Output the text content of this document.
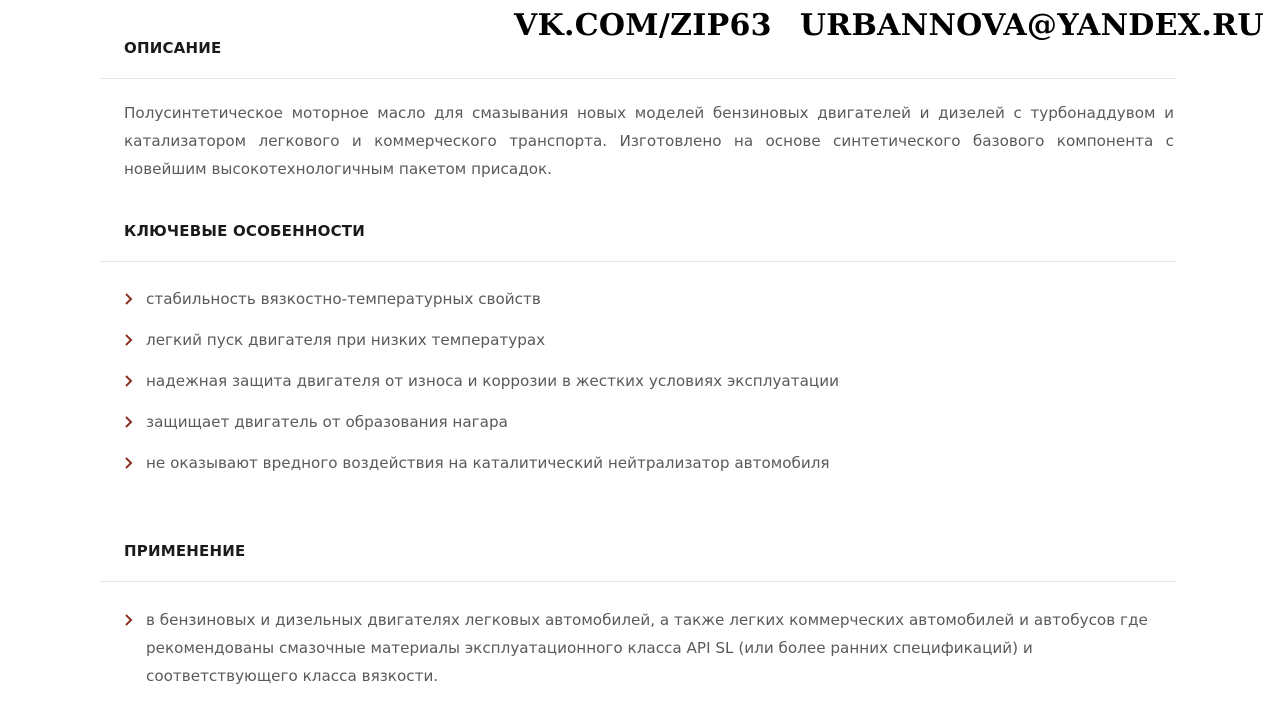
VK.COM/ZIP63 URBANNOVA@YANDEX.RU
ОПИСАНИЕ
Полусинтетическое моторное масло для смазывания новых моделей бензиновых двигателей и дизелей с турбонаддувом и катализатором легкового и коммерческого транспорта. Изготовлено на основе синтетического базового компонента с новейшим высокотехнологичным пакетом присадок.
КЛЮЧЕВЫЕ ОСОБЕННОСТИ
стабильность вязкостно-температурных свойств
легкий пуск двигателя при низких температурах
надежная защита двигателя от износа и коррозии в жестких условиях эксплуатации
защищает двигатель от образования нагара
не оказывают вредного воздействия на каталитический нейтрализатор автомобиля
ПРИМЕНЕНИЕ
в бензиновых и дизельных двигателях легковых автомобилей, а также легких коммерческих автомобилей и автобусов где рекомендованы смазочные материалы эксплуатационного класса API SL (или более ранних спецификаций) и соответствующего класса вязкости.
